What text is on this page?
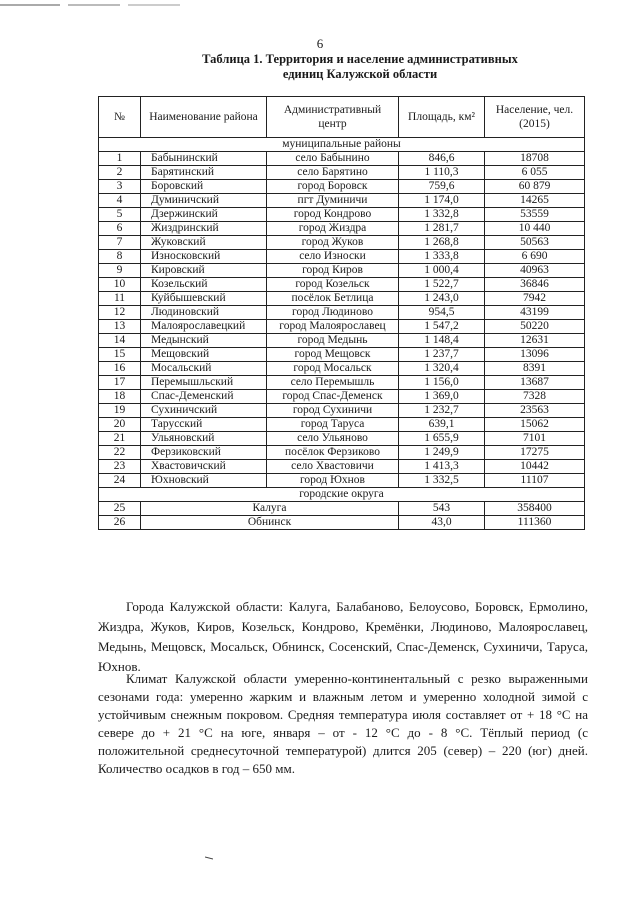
6
Таблица 1. Территория и население административных
единиц Калужской области
№	Наименование района	Административный центр	Площадь, км²	Население, чел. (2015)
муниципальные районы				
1	Бабынинский	село Бабынино	846,6	18708
2	Барятинский	село Барятино	1 110,3	6 055
3	Боровский	город Боровск	759,6	60 879
4	Думиничский	пгт Думиничи	1 174,0	14265
5	Дзержинский	город Кондрово	1 332,8	53559
6	Жиздринский	город Жиздра	1 281,7	10 440
7	Жуковский	город Жуков	1 268,8	50563
8	Износковский	село Износки	1 333,8	6 690
9	Кировский	город Киров	1 000,4	40963
10	Козельский	город Козельск	1 522,7	36846
11	Куйбышевский	посёлок Бетлица	1 243,0	7942
12	Людиновский	город Людиново	954,5	43199
13	Малоярославецкий	город Малоярославец	1 547,2	50220
14	Медынский	город Медынь	1 148,4	12631
15	Мещовский	город Мещовск	1 237,7	13096
16	Мосальский	город Мосальск	1 320,4	8391
17	Перемышльский	село Перемышль	1 156,0	13687
18	Спас-Деменский	город Спас-Деменск	1 369,0	7328
19	Сухиничский	город Сухиничи	1 232,7	23563
20	Тарусский	город Таруса	639,1	15062
21	Ульяновский	село Ульяново	1 655,9	7101
22	Ферзиковский	посёлок Ферзиково	1 249,9	17275
23	Хвастовичский	село Хвастовичи	1 413,3	10442
24	Юхновский	город Юхнов	1 332,5	11107
городские округа				
25	Калуга		543	358400
26	Обнинск		43,0	111360
Города Калужской области: Калуга, Балабаново, Белоусово, Боровск, Ермолино, Жиздра, Жуков, Киров, Козельск, Кондрово, Кремёнки, Людиново, Малоярославец, Медынь, Мещовск, Мосальск, Обнинск, Сосенский, Спас-Деменск, Сухиничи, Таруса, Юхнов.
Климат Калужской области умеренно-континентальный с резко выраженными сезонами года: умеренно жарким и влажным летом и умеренно холодной зимой с устойчивым снежным покровом. Средняя температура июля составляет от + 18 °С на севере до + 21 °С на юге, января – от - 12 °С до - 8 °С. Тёплый период (с положительной среднесуточной температурой) длится 205 (север) – 220 (юг) дней. Количество осадков в год – 650 мм.
